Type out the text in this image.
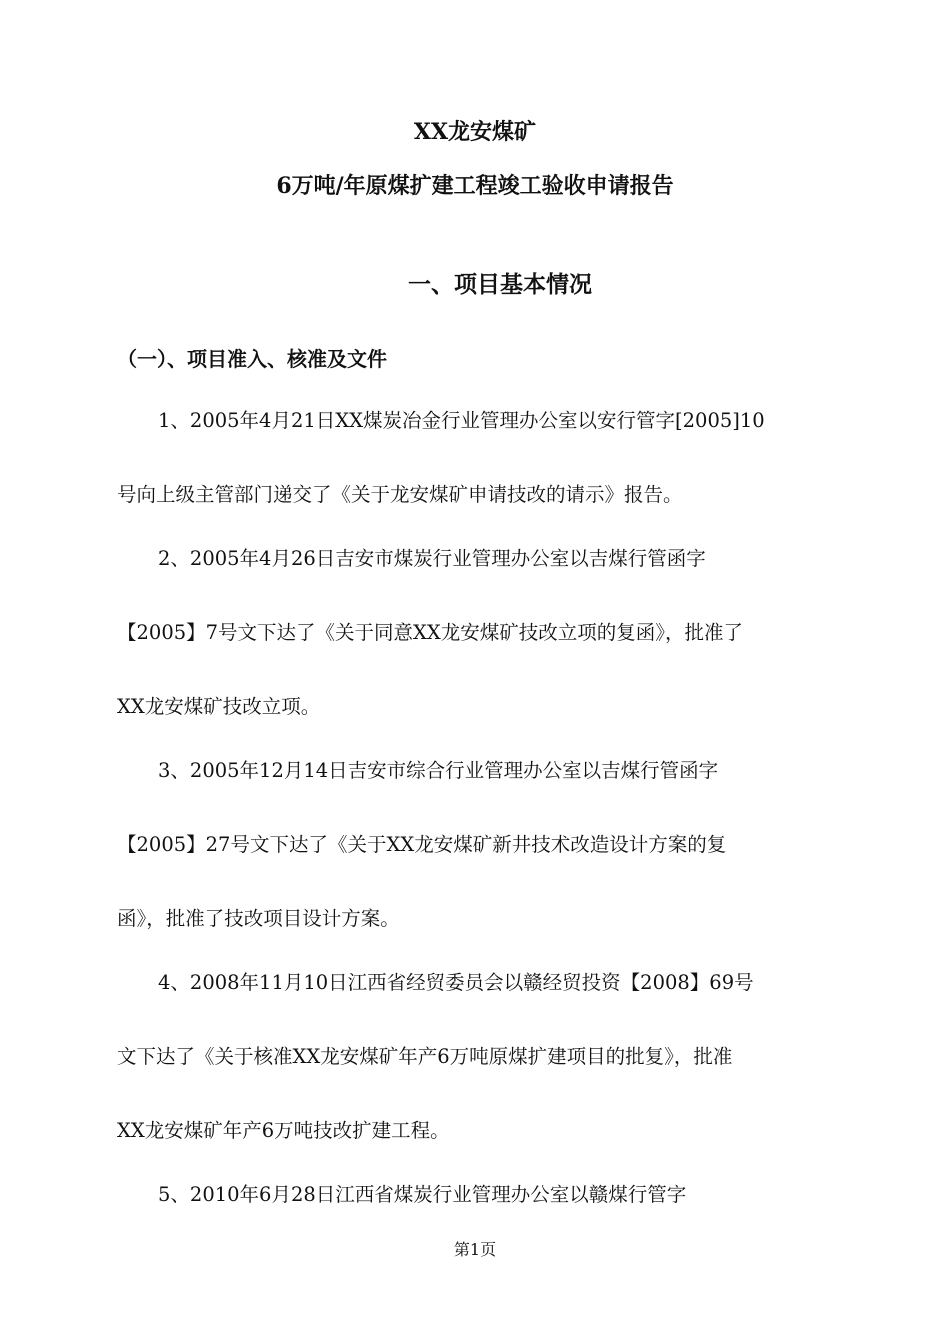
XX龙安煤矿
6万吨/年原煤扩建工程竣工验收申请报告
一、项目基本情况
（一）、项目准入、核准及文件
1、2005年4月21日XX煤炭冶金行业管理办公室以安行管字[2005]10
号向上级主管部门递交了《关于龙安煤矿申请技改的请示》报告。
2、2005年4月26日吉安市煤炭行业管理办公室以吉煤行管函字
【2005】7号文下达了《关于同意XX龙安煤矿技改立项的复函》，批准了
XX龙安煤矿技改立项。
3、2005年12月14日吉安市综合行业管理办公室以吉煤行管函字
【2005】27号文下达了《关于XX龙安煤矿新井技术改造设计方案的复
函》，批准了技改项目设计方案。
4、2008年11月10日江西省经贸委员会以赣经贸投资【2008】69号
文下达了《关于核准XX龙安煤矿年产6万吨原煤扩建项目的批复》，批准
XX龙安煤矿年产6万吨技改扩建工程。
5、2010年6月28日江西省煤炭行业管理办公室以赣煤行管字
第1页
